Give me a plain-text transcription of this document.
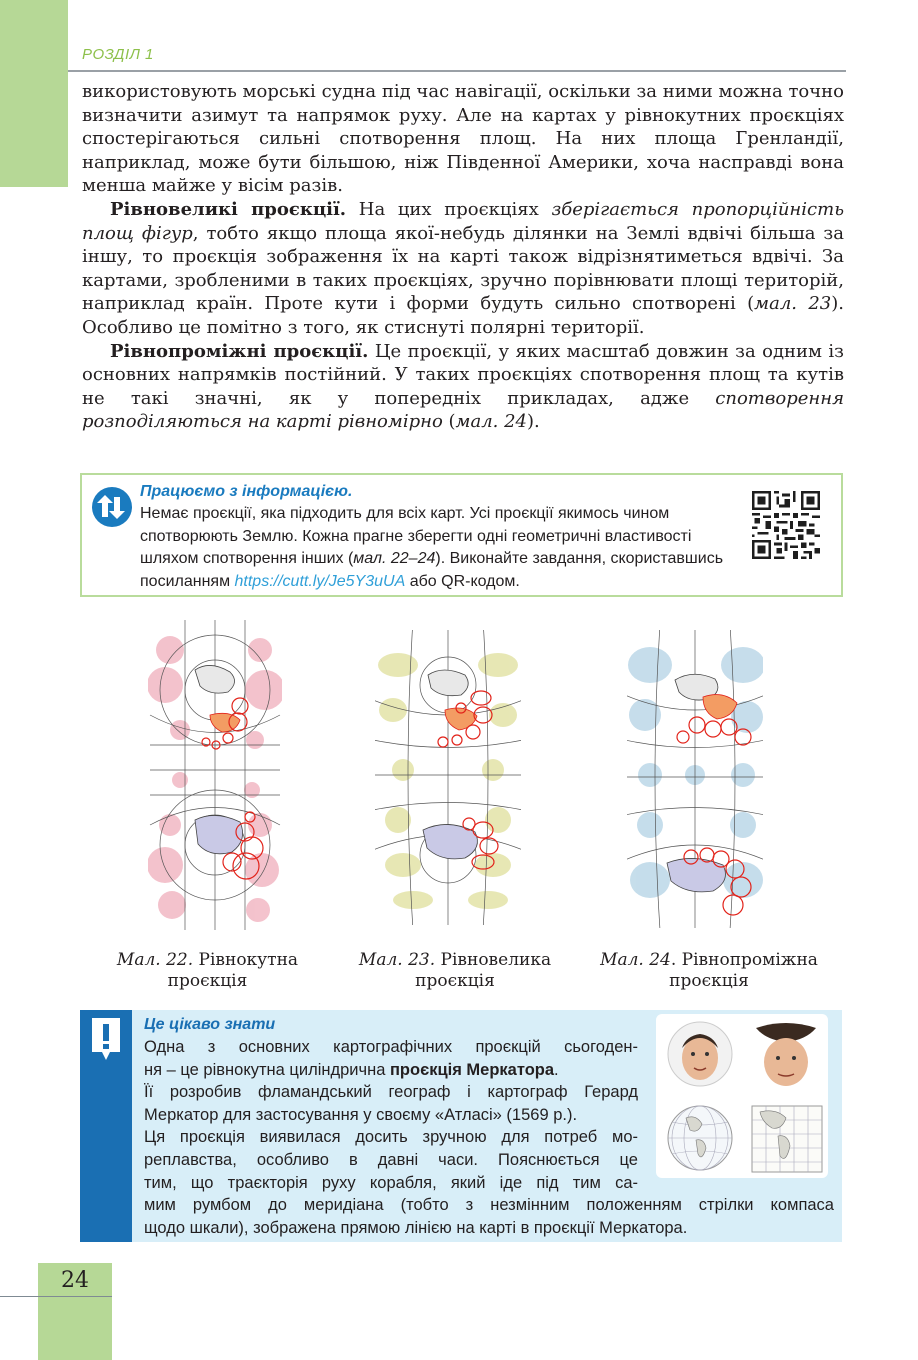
РОЗДІЛ 1

використовують морські судна під час навігації, оскільки за ними можна точно визначити азимут та напрямок руху. Але на картах у рівнокутних проєкціях спостерігаються сильні спотворення площ. На них площа Гренландії, наприклад, може бути більшою, ніж Південної Америки, хоча насправді вона менша майже у вісім разів.

Рівновеликі проєкції. На цих проєкціях зберігається пропорційність площ фігур, тобто якщо площа якої-небудь ділянки на Землі вдвічі більша за іншу, то проєкція зображення їх на карті також відрізнятиметься вдвічі. За картами, зробленими в таких проєкціях, зручно порівнювати площі територій, наприклад країн. Проте кути і форми будуть сильно спотворені (мал. 23). Особливо це помітно з того, як стиснуті полярні території.

Рівнопроміжні проєкції. Це проєкції, у яких масштаб довжин за одним із основних напрямків постійний. У таких проєкціях спотворення площ та кутів не такі значні, як у попередніх прикладах, адже спотворення розподіляються на карті рівномірно (мал. 24).

Працюємо з інформацією.
Немає проєкції, яка підходить для всіх карт. Усі проєкції якимось чином спотворюють Землю. Кожна прагне зберегти одні геометричні властивості шляхом спотворення інших (мал. 22–24). Виконайте завдання, скориставшись посиланням https://cutt.ly/Je5Y3uUA або QR-кодом.
Мал. 22. Рівнокутна
проєкція
Мал. 23. Рівновелика
проєкція
Мал. 24. Рівнопроміжна
проєкція
Це цікаво знати
Одна з основних картографічних проєкцій сьогоден-
ня – це рівнокутна циліндрична проєкція Меркатора.
Її розробив фламандський географ і картограф Герард
Меркатор для застосування у своєму «Атласі» (1569 р.).
Ця проєкція виявилася досить зручною для потреб мо-
реплавства, особливо в давні часи. Пояснюється це
тим, що траєкторія руху корабля, який іде під тим са-
мим румбом до меридіана (тобто з незмінним положенням стрілки компаса
щодо шкали), зображена прямою лінією на карті в проєкції Меркатора.
24
